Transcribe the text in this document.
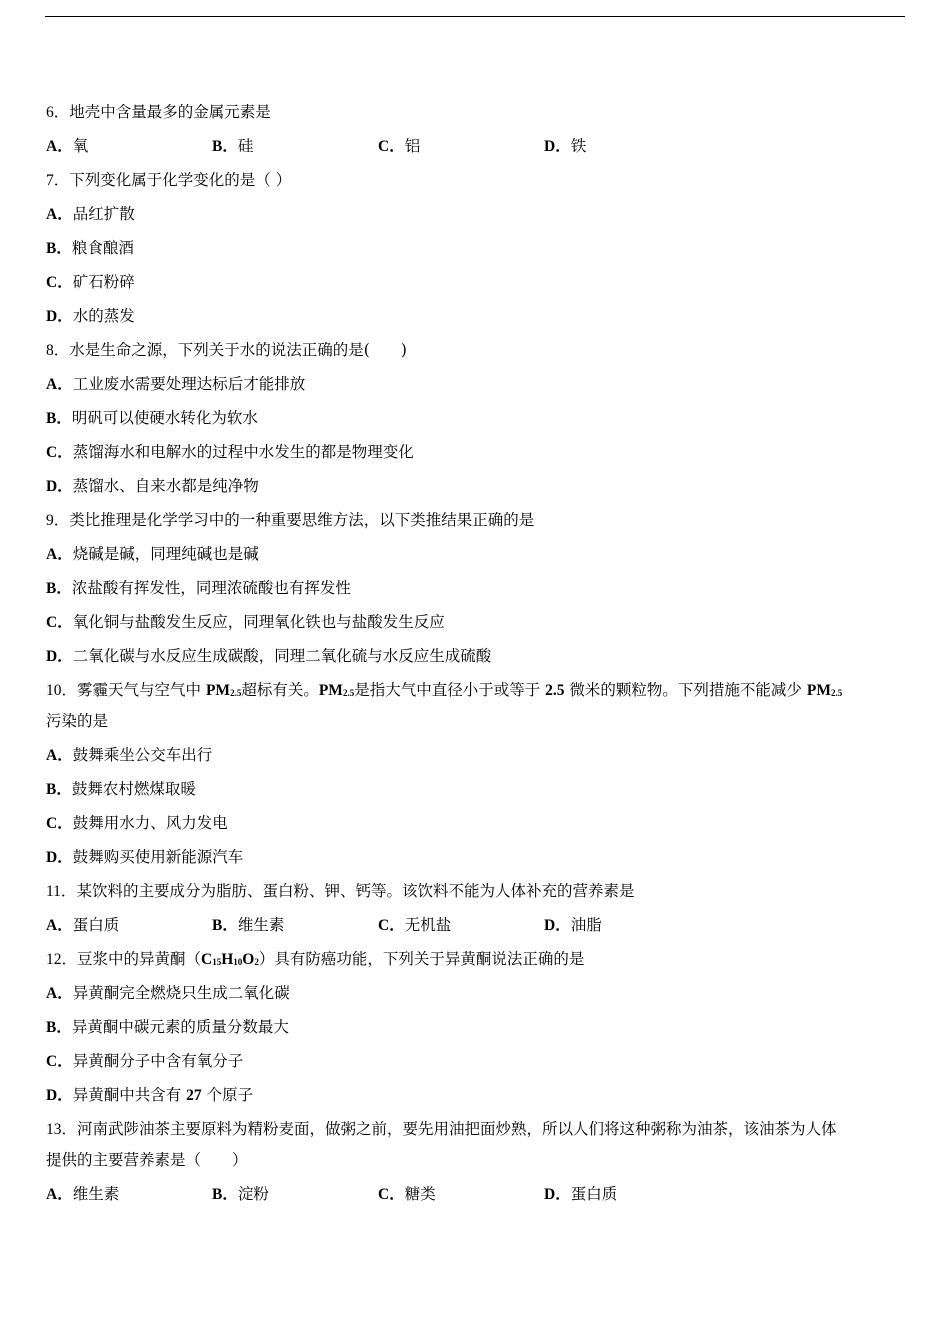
6．地壳中含量最多的金属元素是
A．氧	B．硅	C．铝	D．铁
7．下列变化属于化学变化的是（ ）
A．品红扩散
B．粮食酿酒
C．矿石粉碎
D．水的蒸发
8．水是生命之源，下列关于水的说法正确的是(　　)
A．工业废水需要处理达标后才能排放
B．明矾可以使硬水转化为软水
C．蒸馏海水和电解水的过程中水发生的都是物理变化
D．蒸馏水、自来水都是纯净物
9．类比推理是化学学习中的一种重要思维方法，以下类推结果正确的是
A．烧碱是碱，同理纯碱也是碱
B．浓盐酸有挥发性，同理浓硫酸也有挥发性
C．氧化铜与盐酸发生反应，同理氧化铁也与盐酸发生反应
D．二氧化碳与水反应生成碳酸，同理二氧化硫与水反应生成硫酸
10．雾霾天气与空气中 $PM_{2.5}$超标有关。$PM_{2.5}$是指大气中直径小于或等于 2.5 微米的颗粒物。下列措施不能减少 $PM_{2.5}$
污染的是
A．鼓舞乘坐公交车出行
B．鼓舞农村燃煤取暖
C．鼓舞用水力、风力发电
D．鼓舞购买使用新能源汽车
11．某饮料的主要成分为脂肪、蛋白粉、钾、钙等。该饮料不能为人体补充的营养素是
A．蛋白质	B．维生素	C．无机盐	D．油脂
12．豆浆中的异黄酮$(C_{15}H_{10}O_2)$具有防癌功能，下列关于异黄酮说法正确的是
A．异黄酮完全燃烧只生成二氧化碳
B．异黄酮中碳元素的质量分数最大
C．异黄酮分子中含有氧分子
D．异黄酮中共含有 27 个原子
13．河南武陟油茶主要原料为精粉麦面，做粥之前，要先用油把面炒熟，所以人们将这种粥称为油茶，该油茶为人体
提供的主要营养素是（　　）
A．维生素	B．淀粉	C．糖类	D．蛋白质
